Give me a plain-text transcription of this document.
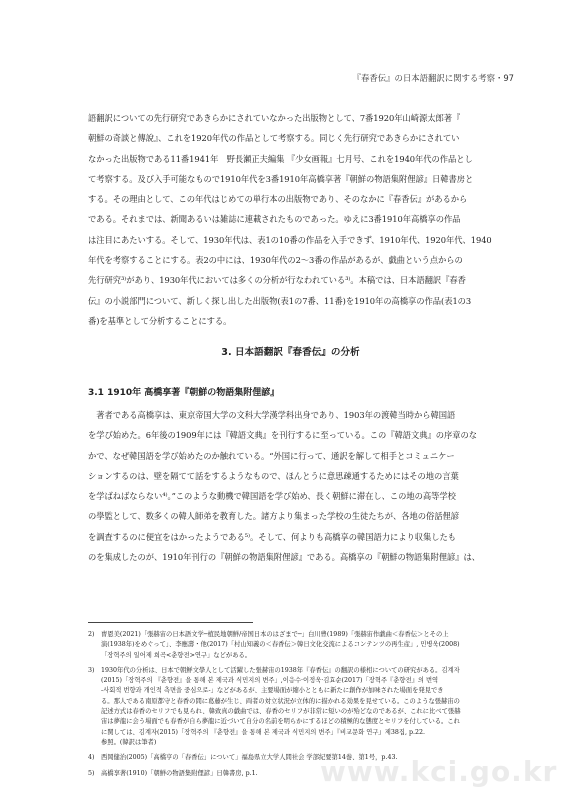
『春香伝』の日本語翻訳に関する考察・97

語翻訳についての先行研究であきらかにされていなかった出版物として、7番1920年山崎源太郎著『

朝鮮の奇談と傳說』、これを1920年代の作品として考察する。同じく先行研究であきらかにされてい

なかった出版物である11番1941年　野長瀬正夫編集 『少女画報』七月号、これを1940年代の作品とし

て考察する。及び入手可能なもので1910年代を3番1910年高橋享著『朝鮮の物語集附俚諺』日韓書房と

する。その理由として、この年代はじめての単行本の出版物であり、そのなかに『春香伝』があるから

である。それまでは、新聞あるいは雑誌に連載されたものであった。ゆえに3番1910年高橋享の作品

は注目にあたいする。そして、1930年代は、表1の10番の作品を入手できず、1910年代、1920年代、1940

年代を考察することにする。表2の中には、1930年代の2～3番の作品があるが、戯曲という点からの

先行研究³⁾があり、1930年代においては多くの分析が行なわれている³⁾。本稿では、日本語翻訳『春香

伝』の小説部門について、新しく探し出した出版物(表1の7番、11番)を1910年の高橋享の作品(表1の3

番)を基準として分析することにする。

3. 日本語翻訳『春香伝』の分析
3.1 1910年 高橋享著『朝鮮の物語集附俚諺』

　著者である高橋享は、東京帝国大学の文科大学漢学科出身であり、1903年の渡韓当時から韓国語

を学び始めた。6年後の1909年には『韓語文典』を刊行するに至っている。この『韓語文典』の序章のな

かで、なぜ韓国語を学び始めたのか触れている。“外国に行って、通訳を解して相手とコミュニケー

ションするのは、壁を隔てて話をするようなもので、ほんとうに意思疎通するためにはその地の言葉

を学ばねばならない⁴⁾。”このような動機で韓国語を学び始め、長く朝鮮に滞在し、この地の高等学校

の學監として、数多くの韓人師弟を教育した。諸方より集まった学校の生徒たちが、各地の俗話俚諺

を調査するのに便宜をはかったようである⁵⁾。そして、何よりも高橋享の韓国語力により収集したも

のを集成したのが、1910年刊行の『朝鮮の物語集附俚諺』である。高橋享の『朝鮮の物語集附俚諺』は、

2) 曺恩美(2021)「張赫宙の日本語文学─植民地朝鮮/帝国日本のはざまで─」白川豊(1989)「張赫宙作戯曲＜春香伝＞とその上

演(1938年)をめぐって」、李應壽・他(2017)「村山知義の＜春香伝＞韓日文化交流によるコンテンツの再生産」, 민병욱(2008)

「장혁주의 일어제 희곡<춘향전>연구」などがある。

3) 1930年代の分析は、日本で朝鮮文學人として活躍した張赫宙の1938年『春香伝』の翻訳の様相についての研究がある。김계자

(2015)「장혁주의 『춘향전』을 통해 본 제국과 식민지의 변주」,이응수·이정욱·김효순(2017)「장혁주『춘향전』의 번역

-사회적 번향과 개인적 측면을 중심으로-」などがあるが、主要場面が縮小とともに新たに創作が加味された場面を発見でき

る。那人である南原都守と春香の間に葛藤が生じ、両者の対立状況が立体的に描かれる効果を見せている。このような張赫宙の

記述方式は春香のセリフでも見られ、韓致真の戯曲では、春香のセリフが非常に短いのが殆どなのであるが、これに比べて張赫

宙は夢龍に会う場面でも春香が自ら夢龍に近づいて自分の名前を明らかにするほどの積極的な態度とセリフを付している。これ

に関しては、김계자(2015)「장혁주의 『춘향전』을 통해 본 제국과 식민지의 변주」『비교문화 연구』제38집, p.22.

参照。(韓訳は筆者)

4) 西岡健治(2005)「高橋亨の「春香伝」について」福島県立大学人間社会 学部紀要第14巻、第1号，p.43.

5) 高橋享著(1910)「朝鮮の物語集附俚諺」日韓書房, p.1.	www.kci.go.kr
